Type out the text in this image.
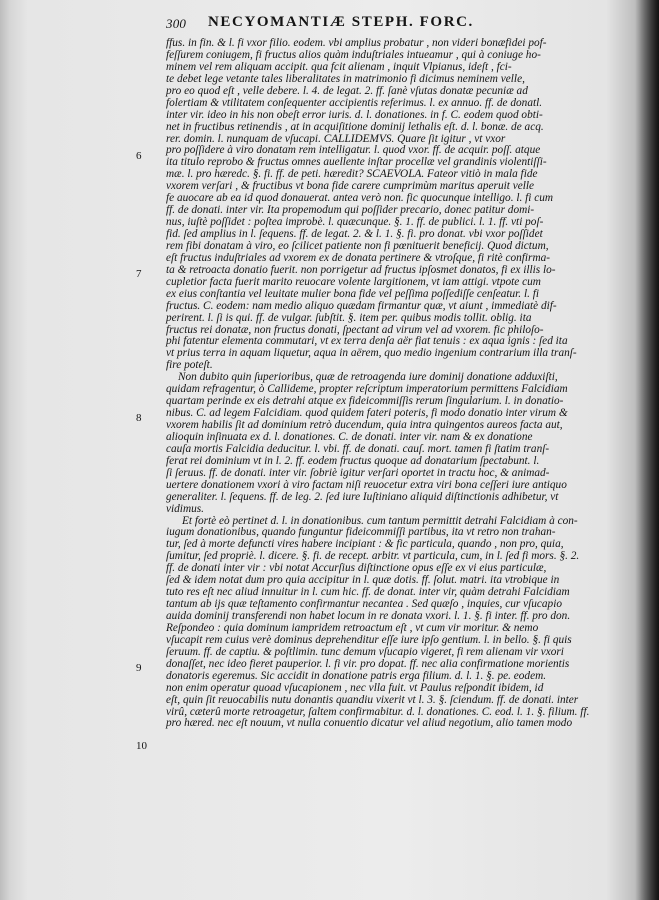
300 NECYOMANTIÆ STEPH. FORC.
ffus. in fin. & l. fi vxor filio. eodem. vbi amplius probatur , non videri bonæfidei pof-
feſſurem coniugem, fi fructus alios quàm induſtriales intueamur , qui à coniuge ho-
minem vel rem aliquam accipit. qua fcit alienam , inquit Vlpianus, ideſt , fci-
te debet lege vetante tales liberalitates in matrimonio fi dicimus neminem velle,
pro eo quod eſt , velle debere. l. 4. de legat. 2. ff. ſanè vſutas donatæ pecuniæ ad
folertiam & vtilitatem conſequenter accipientis referimus. l. ex annuo. ff. de donatl.
inter vir. ideo in his non obeſt error iuris. d. l. donationes. in f. C. eodem quod obti-
net in fructibus retinendis , at in acquiſitione dominij lethalis eſt. d. l. bonæ. de acq.
rer. domin. l. nunquam de vſucapi. CALLIDEMVS. Quare ſit igitur , vt vxor
pro poſſidere à viro donatam rem intelligatur. l. quod vxor. ff. de acquir. poſſ. atque
ita titulo reprobo & fructus omnes auellente inſtar procellæ vel grandinis violentiſſi-
mæ. l. pro hæredc. §. fi. ff. de peti. hæredit? SCAEVOLA. Fateor vitiò in mala fide
vxorem verſari , & fructibus vt bona fide carere cumprimùm maritus aperuit velle
fe auocare ab ea id quod donauerat. antea verò non. fic quocunque intelligo. l. fi cum
ff. de donati. inter vir. Ita propemodum qui poſſider precario, donec patitur domi-
nus, iuſtè poſſidet : poſtea improbè. l. quæcunque. §. 1. ff. de publici. l. 1. ff. vti poſ-
fid. ſed amplius in l. ſequens. ff. de legat. 2. & l. 1. §. fi. pro donat. vbi vxor poſſidet
rem fibi donatam à viro, eo ſcilicet patiente non fi pœnituerit beneficij. Quod dictum,
eſt fructus induſtriales ad vxorem ex de donata pertinere & vtroſque, fi ritè confirma-
ta & retroacta donatio fuerit. non porrigetur ad fructus ipſosmet donatos, fi ex illis lo-
cupletior facta fuerit marito reuocare volente largitionem, vt iam attigi. vtpote cum
ex eius conſtantia vel leuitate mulier bona fide vel peſſima poſſediſſe cenſeatur. l. fi
fructus. C. eodem: nam medio aliquo quædam firmantur quæ, vt aiunt , immediatè dif-
perirent. l. ſi is qui. ff. de vulgar. ſubſtit. §. item per. quibus modis tollit. oblig. ita
fructus rei donatæ, non fructus donati, ſpectant ad virum vel ad vxorem. fic philoſo-
phi fatentur elementa commutari, vt ex terra denſa aër fiat tenuis : ex aqua ignis : ſed ita
vt prius terra in aquam liquetur, aqua in aërem, quo medio ingenium contrarium illa tranſ-
fire poteſt.
Non dubito quin ſuperioribus, quæ de retroagenda iure dominij donatione adduxiſti,
quidam refragentur, ò Callideme, propter reſcriptum imperatorium permittens Falcidiam
quartam perinde ex eis detrahi atque ex fideicommiſſis rerum ſingularium. l. in donatio-
nibus. C. ad legem Falcidiam. quod quidem fateri poteris, fi modo donatio inter virum &
vxorem habilis ſit ad dominium retrò ducendum, quia intra quingentos aureos facta aut,
alioquin inſinuata ex d. l. donationes. C. de donati. inter vir. nam & ex donatione
cauſa mortis Falcidia deducitur. l. vbi. ff. de donati. cauſ. mort. tamen fi ſtatim tranſ-
ferat rei dominium vt in l. 2. ff. eodem fructus quoque ad donatarium ſpectabunt. l.
ſi ſeruus. ff. de donati. inter vir. ſobriè igitur verſari oportet in tractu hoc, & animad-
uertere donationem vxori à viro factam niſi reuocetur extra viri bona ceſſeri iure antiquo
generaliter. l. ſequens. ff. de leg. 2. ſed iure Iuſtiniano aliquid diſtinctionis adhibetur, vt
vidimus.
Et fortè eò pertinet d. l. in donationibus. cum tantum permittit detrahi Falcidiam à con-
iugum donationibus, quando funguntur fideicommiſſi partibus, ita vt retro non trahan-
tur, ſed à morte defuncti vires habere incipiant : & fic particula, quando , non pro, quia,
ſumitur, ſed propriè. l. dicere. §. fi. de recept. arbitr. vt particula, cum, in l. ſed fi mors. §. 2.
ff. de donati inter vir : vbi notat Accurſius diſtinctione opus eſſe ex vi eius particulæ,
ſed & idem notat dum pro quia accipitur in l. quæ dotis. ff. ſolut. matri. ita vtrobique in
tuto res eſt nec aliud innuitur in l. cum hic. ff. de donat. inter vir, quàm detrahi Falcidiam
tantum ab ijs quæ teſtamento confirmantur necantea . Sed quæſo , inquies, cur vſucapio
auida dominij transferendi non habet locum in re donata vxori. l. 1. §. fi inter. ff. pro don.
Reſpondeo : quia dominum iampridem retroactum eſt , vt cum vir moritur. & nemo
vſucapit rem cuius verè dominus deprehenditur eſſe iure ipſo gentium. l. in bello. §. fi quis
ſeruum. ff. de captiu. & poſtlimin. tunc demum vſucapio vigeret, fi rem alienam vir vxori
donaſſet, nec ideo fieret pauperior. l. fi vir. pro dopat. ff. nec alia confirmatione morientis
donatoris egeremus. Sic accidit in donatione patris erga filium. d. l. 1. §. pe. eodem.
non enim operatur quoad vſucapionem , nec vlla fuit. vt Paulus reſpondit ibidem, id
eſt, quin ſit reuocabilis nutu donantis quandiu vixerit vt l. 3. §. ſciendum. ff. de donati. inter
virû, cæterû morte retroagetur, ſaltem confirmabitur. d. l. donationes. C. eod. l. 1. §. filium. ff.
pro hæred. nec eſt nouum, vt nulla conuentio dicatur vel aliud negotium, alio tamen modo
6
7
8
9
10
